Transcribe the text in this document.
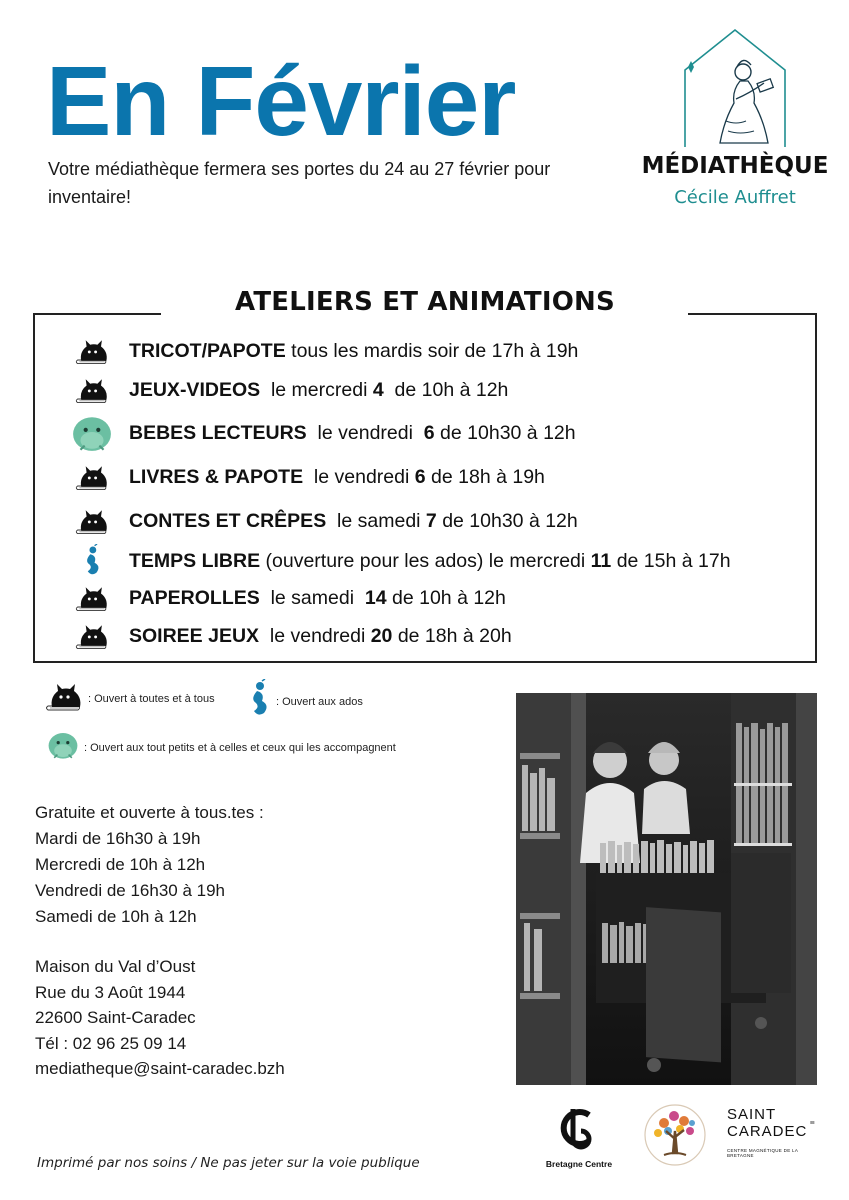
En Février
Votre médiathèque fermera ses portes du 24 au 27 février pour inventaire!
MÉDIATHÈQUE
Cécile Auffret
ATELIERS ET ANIMATIONS
TRICOT/PAPOTE tous les mardis soir de 17h à 19h
JEUX-VIDEOS  le mercredi 4  de 10h à 12h
BEBES LECTEURS  le vendredi  6 de 10h30 à 12h
LIVRES & PAPOTE  le vendredi 6 de 18h à 19h
CONTES ET CRÊPES  le samedi 7 de 10h30 à 12h
TEMPS LIBRE (ouverture pour les ados) le mercredi 11 de 15h à 17h
PAPEROLLES  le samedi  14 de 10h à 12h
SOIREE JEUX  le vendredi 20 de 18h à 20h
: Ouvert à toutes et à tous	: Ouvert aux ados
: Ouvert aux tout petits et à celles et ceux qui les accompagnent
Gratuite et ouverte à tous.tes :
Mardi de 16h30 à 19h
Mercredi de 10h à 12h
Vendredi de 16h30 à 19h
Samedi de 10h à 12h
Maison du Val d’Oust
Rue du 3 Août 1944
22600 Saint-Caradec
Tél : 02 96 25 09 14
mediatheque@saint-caradec.bzh
Bretagne Centre
SAINT
CARADEC
CENTRE MAGNÉTIQUE DE LA BRETAGNE
Imprimé par nos soins / Ne pas jeter sur la voie publique
